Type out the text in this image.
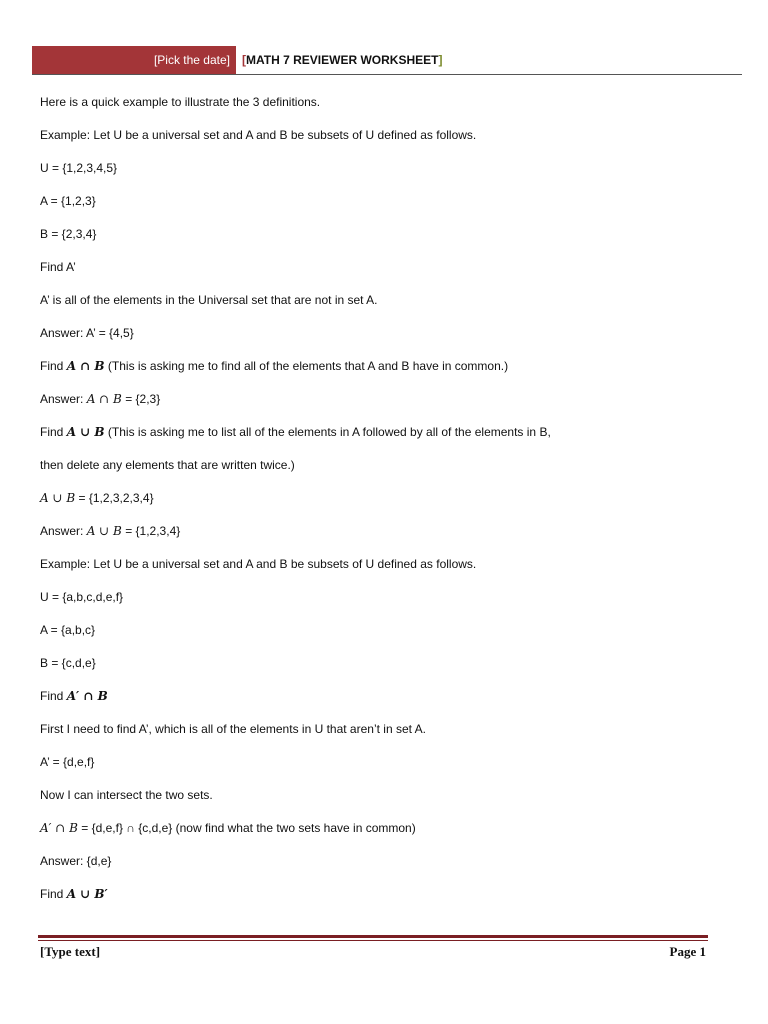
[Pick the date]	[MATH 7 REVIEWER WORKSHEET]
Here is a quick example to illustrate the 3 definitions.
Example: Let U be a universal set and A and B be subsets of U defined as follows.
U = {1,2,3,4,5}
A = {1,2,3}
B = {2,3,4}
Find A’
A’ is all of the elements in the Universal set that are not in set A.
Answer: A’ = {4,5}
Find A ∩ B (This is asking me to find all of the elements that A and B have in common.)
Answer: A ∩ B = {2,3}
Find A ∪ B (This is asking me to list all of the elements in A followed by all of the elements in B,
then delete any elements that are written twice.)
A ∪ B = {1,2,3,2,3,4}
Answer: A ∪ B = {1,2,3,4}
Example: Let U be a universal set and A and B be subsets of U defined as follows.
U = {a,b,c,d,e,f}
A = {a,b,c}
B = {c,d,e}
Find A′ ∩ B
First I need to find A’, which is all of the elements in U that aren’t in set A.
A’ = {d,e,f}
Now I can intersect the two sets.
A′ ∩ B = {d,e,f} ∩ {c,d,e} (now find what the two sets have in common)
Answer: {d,e}
Find A ∪ B′
[Type text]	Page 1
